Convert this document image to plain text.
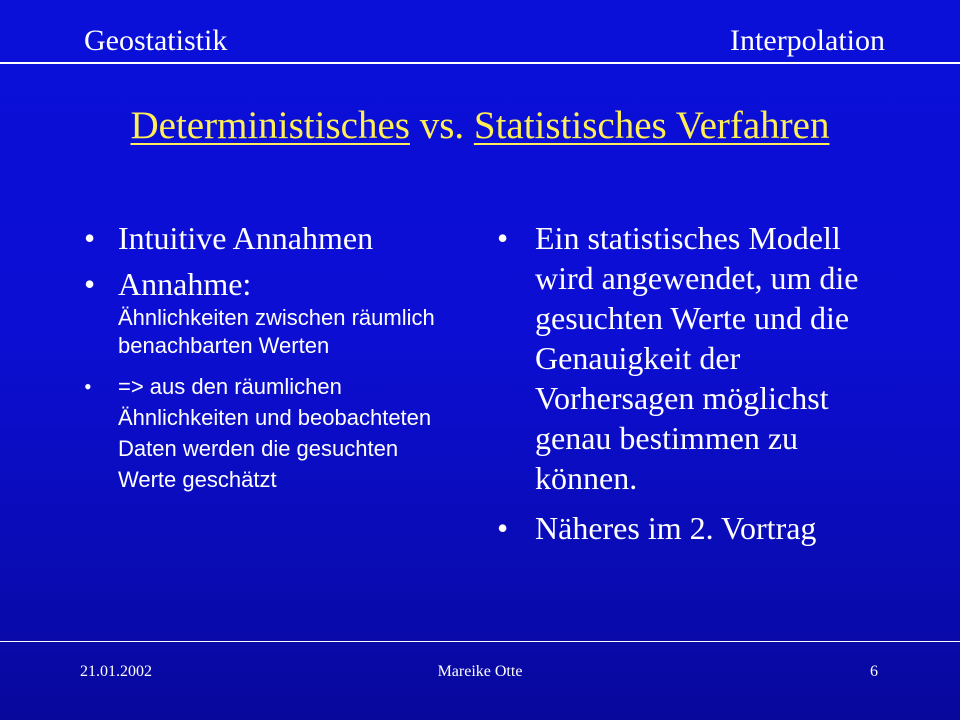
Geostatistik	Interpolation
Deterministisches vs. Statistisches Verfahren
• Intuitive Annahmen
• Annahme:
Ähnlichkeiten zwischen räumlich benachbarten Werten
•	=> aus den räumlichen Ähnlichkeiten und beobachteten Daten werden die gesuchten Werte geschätzt
• Ein statistisches Modell wird angewendet, um die gesuchten Werte und die Genauigkeit der Vorhersagen möglichst genau bestimmen zu können.
• Näheres im 2. Vortrag
21.01.2002	Mareike Otte	6
